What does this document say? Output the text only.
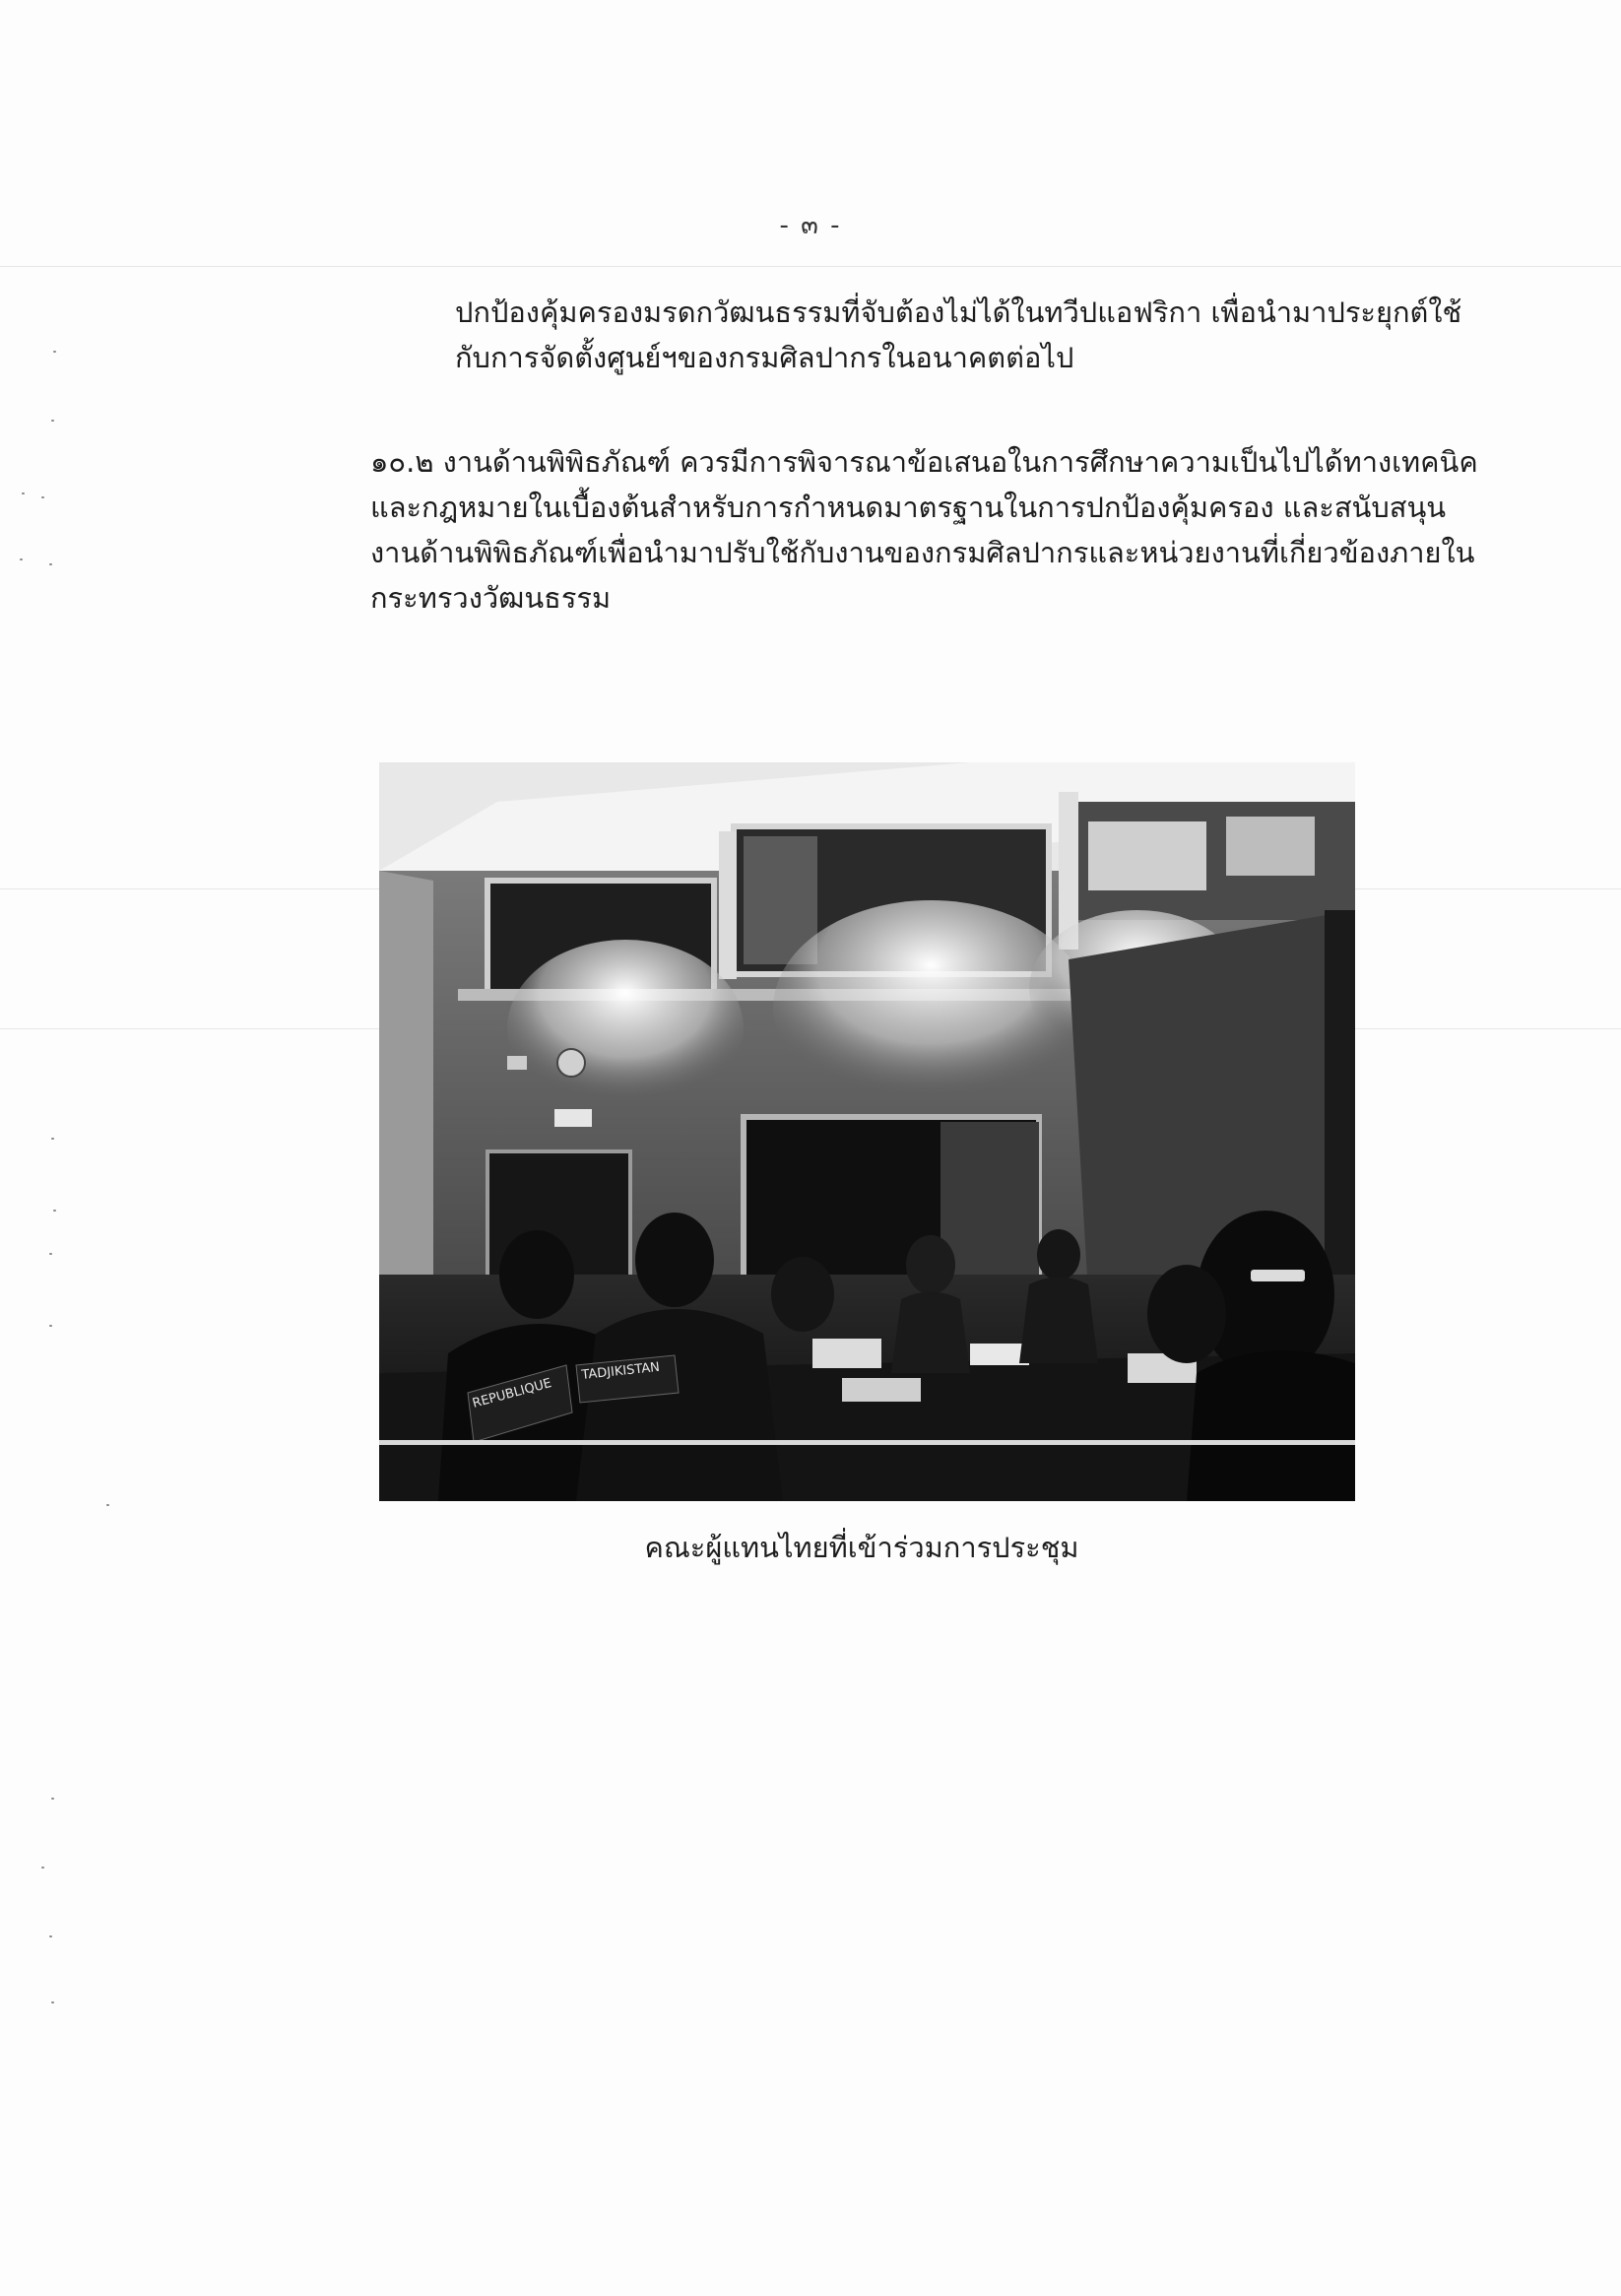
- ๓ -
ปกป้องคุ้มครองมรดกวัฒนธรรมที่จับต้องไม่ได้ในทวีปแอฟริกา เพื่อนำมาประยุกต์ใช้
กับการจัดตั้งศูนย์ฯของกรมศิลปากรในอนาคตต่อไป
๑๐.๒ งานด้านพิพิธภัณฑ์ ควรมีการพิจารณาข้อเสนอในการศึกษาความเป็นไปได้ทางเทคนิค
และกฎหมายในเบื้องต้นสำหรับการกำหนดมาตรฐานในการปกป้องคุ้มครอง และสนับสนุน
งานด้านพิพิธภัณฑ์เพื่อนำมาปรับใช้กับงานของกรมศิลปากรและหน่วยงานที่เกี่ยวข้องภายใน
กระทรวงวัฒนธรรม
REPUBLIQUE
TADJIKISTAN
คณะผู้แทนไทยที่เข้าร่วมการประชุม
